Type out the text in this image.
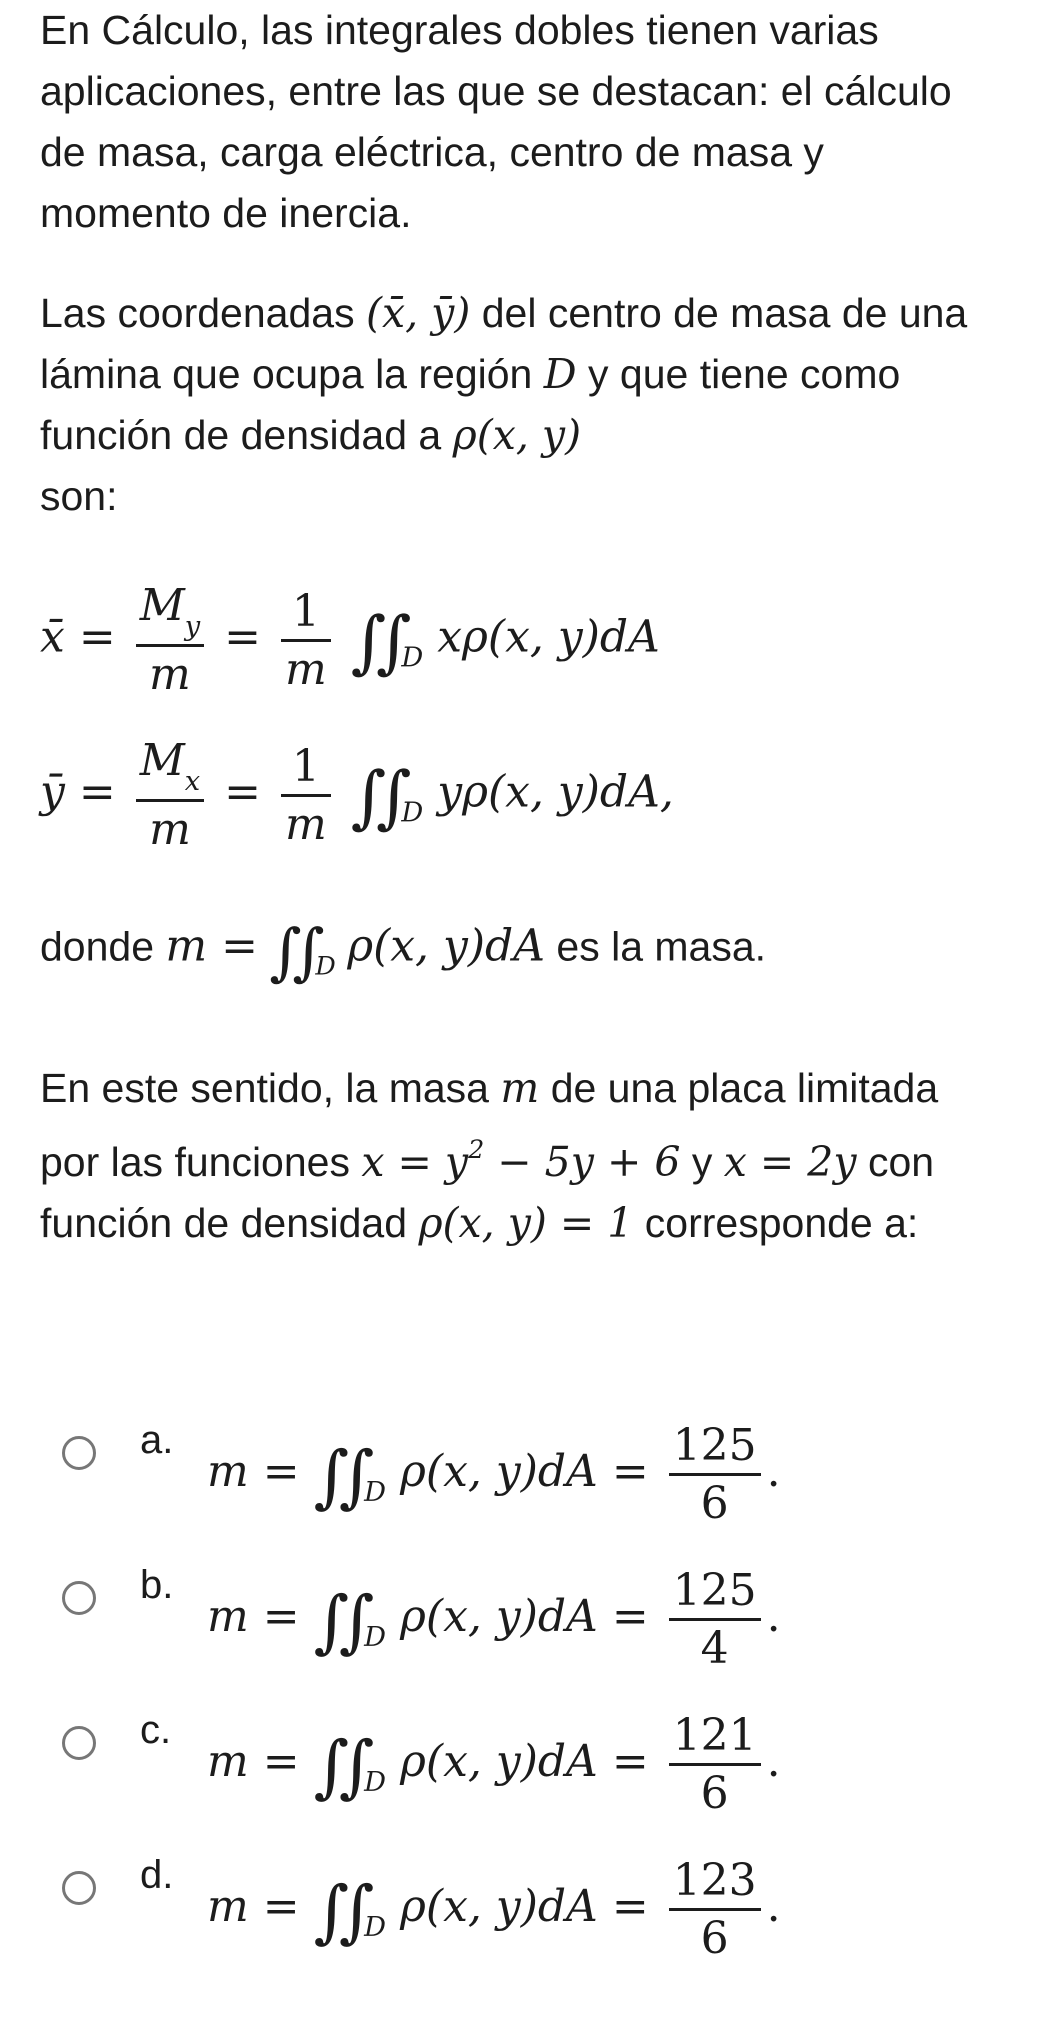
En Cálculo, las integrales dobles tienen varias aplicaciones, entre las que se destacan: el cálculo de masa, carga eléctrica, centro de masa y momento de inercia.
Las coordenadas (x̄, ȳ) del centro de masa de una lámina que ocupa la región D y que tiene como función de densidad a ρ(x, y)
son:
x̄ = $\frac{M_y}{m} = \frac{1}{m} \int\int_D$ xρ(x, y)dA
ȳ = $\frac{M_x}{m} = \frac{1}{m} \int\int_D$ yρ(x, y)dA,
donde $m = \int\int_D$ ρ(x, y)dA es la masa.
En este sentido, la masa m de una placa limitada por las funciones $x = y^2 - 5y + 6$ y x = 2y con función de densidad ρ(x, y) = 1 corresponde a:
a.
$m = \int\int_D$ ρ(x, $y)dA = \frac{125}{6}$ .
b.
$m = \int\int_D$ ρ(x, $y)dA = \frac{125}{4}$ .
c.
$m = \int\int_D$ ρ(x, $y)dA = \frac{121}{6}$ .
d.
$m = \int\int_D$ ρ(x, $y)dA = \frac{123}{6}$ .
